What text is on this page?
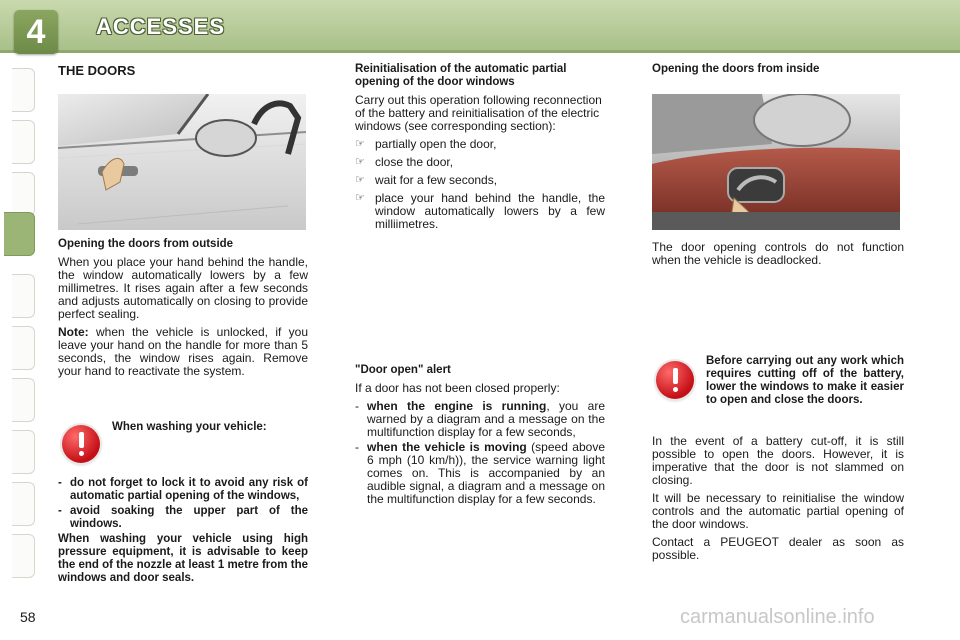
4	ACCESSES
THE DOORS

Opening the doors from outside

When you place your hand behind the handle, the window automatically lowers by a few millimetres. It rises again after a few seconds and adjusts automatically on closing to provide perfect sealing.

Note: when the vehicle is unlocked, if you leave your hand on the handle for more than 5 seconds, the window rises again. Remove your hand to reactivate the system.

When washing your vehicle:
- do not forget to lock it to avoid any risk of automatic partial opening of the windows,
- avoid soaking the upper part of the windows.
When washing your vehicle using high pressure equipment, it is advisable to keep the end of the nozzle at least 1 metre from the windows and door seals.

Reinitialisation of the automatic partial opening of the door windows

Carry out this operation following reconnection of the battery and reinitialisation of the electric windows (see corresponding section):

☞ partially open the door,
☞ close the door,
☞ wait for a few seconds,
☞ place your hand behind the handle, the window automatically lowers by a few milliimetres.

"Door open" alert

If a door has not been closed properly:

- when the engine is running, you are warned by a diagram and a message on the multifunction display for a few seconds,
- when the vehicle is moving (speed above 6 mph (10 km/h)), the service warning light comes on. This is accompanied by an audible signal, a diagram and a message on the multifunction display for a few seconds.
Opening the doors from inside
The door opening controls do not function when the vehicle is deadlocked.
Before carrying out any work which requires cutting off of the battery, lower the windows to make it easier to open and close the doors.

In the event of a battery cut-off, it is still possible to open the doors. However, it is imperative that the door is not slammed on closing.

It will be necessary to reinitialise the window controls and the automatic partial opening of the door windows.

Contact a PEUGEOT dealer as soon as possible.

58	carmanualsonline.info
